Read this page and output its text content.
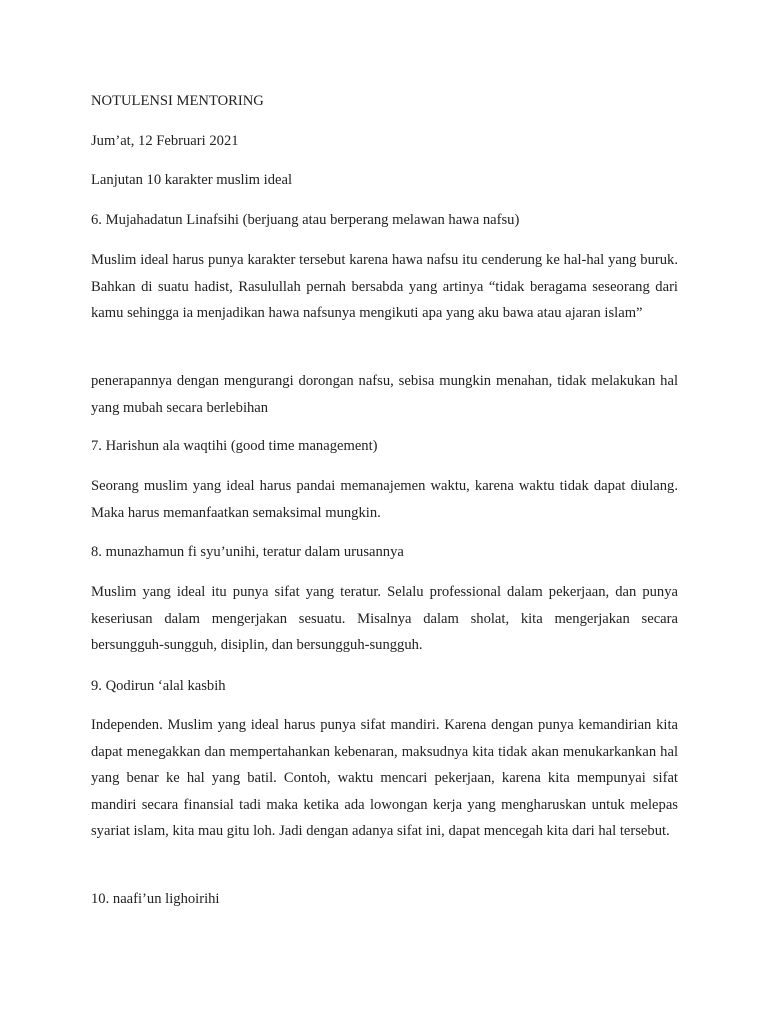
NOTULENSI MENTORING

Jum’at, 12 Februari 2021

Lanjutan 10 karakter muslim ideal

6. Mujahadatun Linafsihi (berjuang atau berperang melawan hawa nafsu)

Muslim ideal harus punya karakter tersebut karena hawa nafsu itu cenderung ke hal-hal yang buruk. Bahkan di suatu hadist, Rasulullah pernah bersabda yang artinya “tidak beragama seseorang dari kamu sehingga ia menjadikan hawa nafsunya mengikuti apa yang aku bawa atau ajaran islam”

penerapannya dengan mengurangi dorongan nafsu, sebisa mungkin menahan, tidak melakukan hal yang mubah secara berlebihan

7. Harishun ala waqtihi (good time management)

Seorang muslim yang ideal harus pandai memanajemen waktu, karena waktu tidak dapat diulang. Maka harus memanfaatkan semaksimal mungkin.

8. munazhamun fi syu’unihi, teratur dalam urusannya

Muslim yang ideal itu punya sifat yang teratur. Selalu professional dalam pekerjaan, dan punya keseriusan dalam mengerjakan sesuatu. Misalnya dalam sholat, kita mengerjakan secara bersungguh-sungguh, disiplin, dan bersungguh-sungguh.

9. Qodirun ‘alal kasbih

Independen. Muslim yang ideal harus punya sifat mandiri. Karena dengan punya kemandirian kita dapat menegakkan dan mempertahankan kebenaran, maksudnya kita tidak akan menukarkankan hal yang benar ke hal yang batil. Contoh, waktu mencari pekerjaan, karena kita mempunyai sifat mandiri secara finansial tadi maka ketika ada lowongan kerja yang mengharuskan untuk melepas syariat islam, kita mau gitu loh. Jadi dengan adanya sifat ini, dapat mencegah kita dari hal tersebut.

10. naafi’un lighoirihi
